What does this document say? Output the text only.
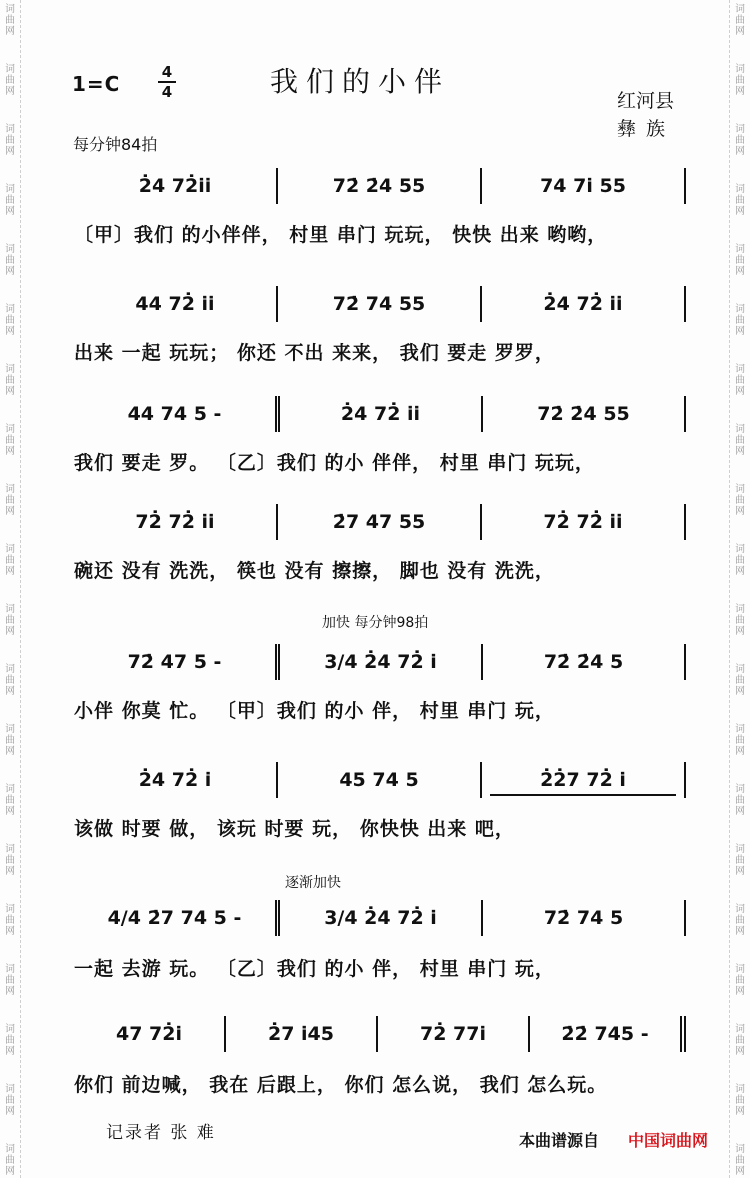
词
曲
网
词
曲
网
词
曲
网
词
曲
网
词
曲
网
词
曲
网
词
曲
网
词
曲
网
词
曲
网
词
曲
网
词
曲
网
词
曲
网
词
曲
网
词
曲
网
词
曲
网
词
曲
网
词
曲
网
词
曲
网
词
曲
网
词
曲
网
词
曲
网
词
曲
网
词
曲
网
词
曲
网
词
曲
网
词
曲
网
词
曲
网
词
曲
网
词
曲
网
词
曲
网
词
曲
网
词
曲
网
词
曲
网
词
曲
网
词
曲
网
词
曲
网
词
曲
网
词
曲
网
词
曲
网
词
曲
网
1=C	4
4	我们的小伴
红河县
彝族
每分钟84拍
加快 每分钟98拍
逐渐加快
2̇4 72̇i̇i̇	72̇ 2̇4 55	74 7i̇ 55
〔甲〕我们 的小伴伴， 村里 串门 玩玩， 快快 出来 哟哟，
44 72̇ i̇i̇	72̇ 74 55	2̇4 72̇ i̇i̇
出来 一起 玩玩； 你还 不出 来来， 我们 要走 罗罗，
44 74 5 -	2̇4 72̇ i̇i̇	72̇ 2̇4 55
我们 要走 罗。 〔乙〕我们 的小 伴伴， 村里 串门 玩玩，
72̇ 72̇ i̇i̇	2̇7 47 55	72̇ 72̇ i̇i̇
碗还 没有 洗洗， 筷也 没有 擦擦， 脚也 没有 洗洗，
72̇ 47 5 -	3/4 2̇4 72̇ i̇	72̇ 2̇4 5
小伴 你莫 忙。 〔甲〕我们 的小 伴， 村里 串门 玩，
2̇4 72̇ i̇	45 74 5	2̇2̇7 72̇ i̇
该做 时要 做， 该玩 时要 玩， 你快快 出来 吧，
4/4 2̇7 74 5 -	3/4 2̇4 72̇ i̇	72̇ 74 5
一起 去游 玩。 〔乙〕我们 的小 伴， 村里 串门 玩，
47 72̇i̇	2̇7 i̇45	72̇ 77i̇	2̇2̇ 745 -
你们 前边喊， 我在 后跟上， 你们 怎么说， 我们 怎么玩。
记录者 张 难	本曲谱源自 中国词曲网
